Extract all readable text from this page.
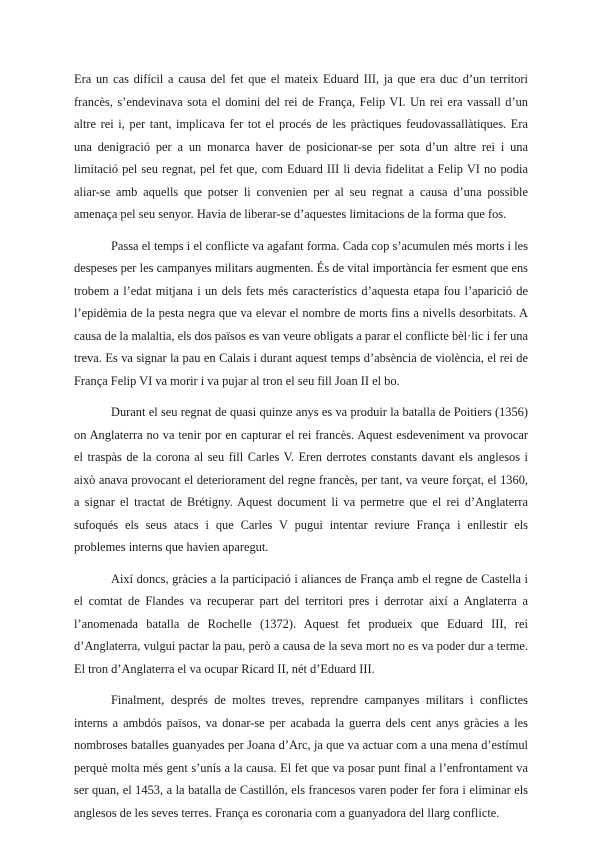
Era un cas difícil a causa del fet que el mateix Eduard III, ja que era duc d’un territori francès, s’endevinava sota el domini del rei de França, Felip VI. Un rei era vassall d’un altre rei i, per tant, implicava fer tot el procés de les pràctiques feudovassallàtiques. Era una denigració per a un monarca haver de posicionar-se per sota d’un altre rei i una limitació pel seu regnat, pel fet que, com Eduard III li devia fidelitat a Felip VI no podia aliar-se amb aquells que potser li convenien per al seu regnat a causa d’una possible amenaça pel seu senyor. Havia de liberar-se d’aquestes limitacions de la forma que fos.

Passa el temps i el conflicte va agafant forma. Cada cop s’acumulen més morts i les despeses per les campanyes militars augmenten. És de vital importància fer esment que ens trobem a l’edat mitjana i un dels fets més característics d’aquesta etapa fou l’aparició de l’epidèmia de la pesta negra que va elevar el nombre de morts fins a nivells desorbitats. A causa de la malaltia, els dos països es van veure obligats a parar el conflicte bèl·lic i fer una treva. Es va signar la pau en Calais i durant aquest temps d’absència de violència, el rei de França Felip VI va morir i va pujar al tron el seu fill Joan II el bo.

Durant el seu regnat de quasi quinze anys es va produir la batalla de Poitiers (1356) on Anglaterra no va tenir por en capturar el rei francès. Aquest esdeveniment va provocar el traspàs de la corona al seu fill Carles V. Eren derrotes constants davant els anglesos i això anava provocant el deteriorament del regne francès, per tant, va veure forçat, el 1360, a signar el tractat de Brétigny. Aquest document li va permetre que el rei d’Anglaterra sufoqués els seus atacs i que Carles V pugui intentar reviure França i enllestir els problemes interns que havien aparegut.

Així doncs, gràcies a la participació i aliances de França amb el regne de Castella i el comtat de Flandes va recuperar part del territori pres i derrotar així a Anglaterra a l’anomenada batalla de Rochelle (1372). Aquest fet produeix que Eduard III, rei d’Anglaterra, vulgui pactar la pau, però a causa de la seva mort no es va poder dur a terme. El tron d’Anglaterra el va ocupar Ricard II, nét d’Eduard III.

Finalment, després de moltes treves, reprendre campanyes militars i conflictes interns a ambdós països, va donar-se per acabada la guerra dels cent anys gràcies a les nombroses batalles guanyades per Joana d’Arc, ja que va actuar com a una mena d’estímul perquè molta més gent s’unís a la causa. El fet que va posar punt final a l’enfrontament va ser quan, el 1453, a la batalla de Castillón, els francesos varen poder fer fora i eliminar els anglesos de les seves terres. França es coronaria com a guanyadora del llarg conflicte.
